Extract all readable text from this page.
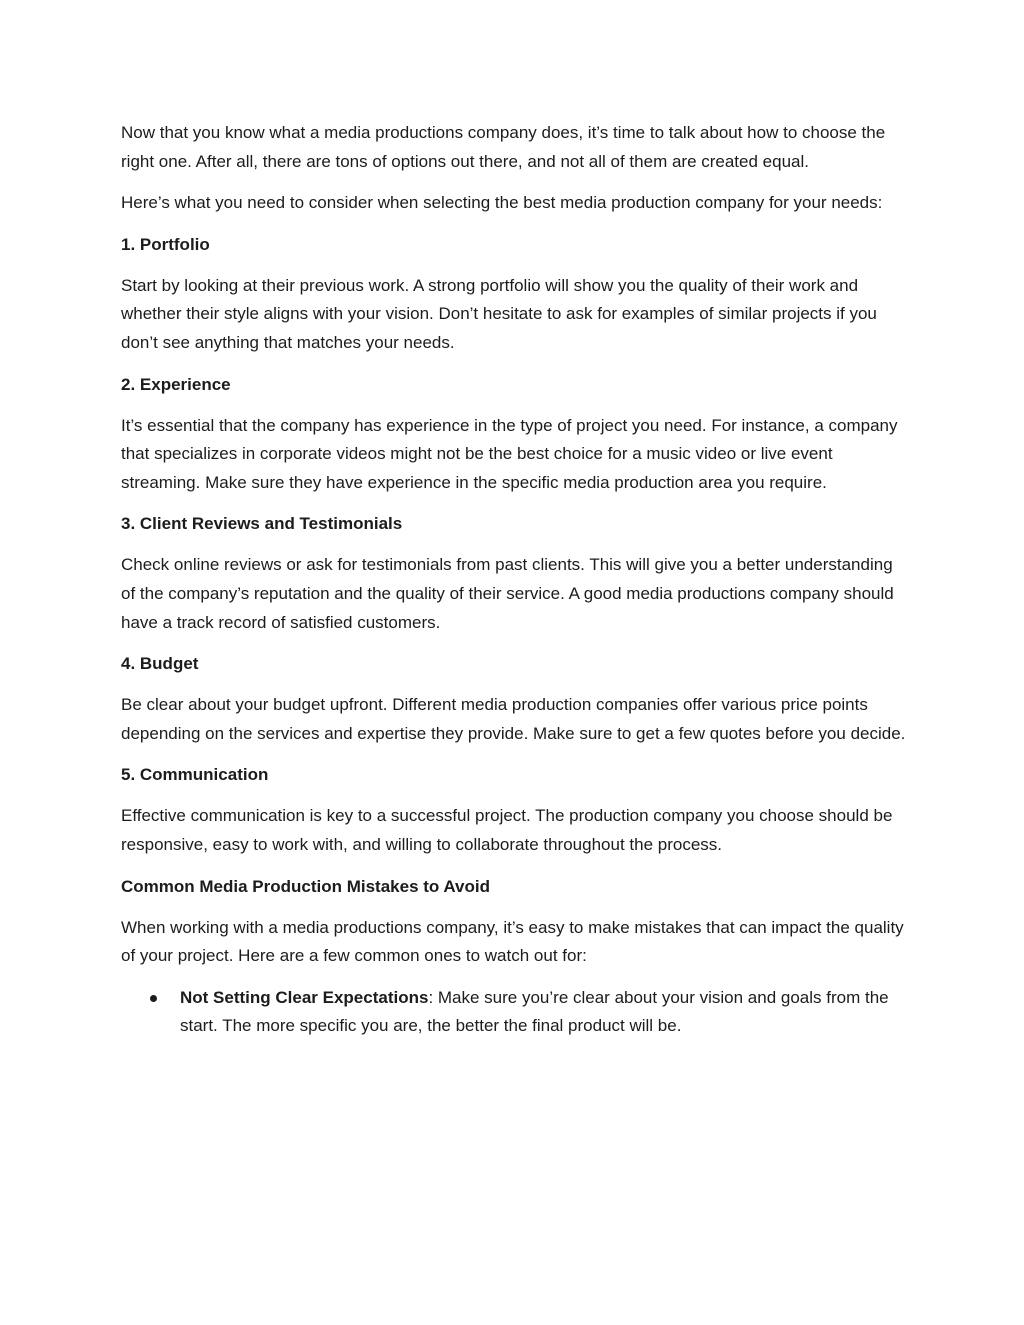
Now that you know what a media productions company does, it’s time to talk about how to choose the right one. After all, there are tons of options out there, and not all of them are created equal.

Here’s what you need to consider when selecting the best media production company for your needs:

1. Portfolio

Start by looking at their previous work. A strong portfolio will show you the quality of their work and whether their style aligns with your vision. Don’t hesitate to ask for examples of similar projects if you don’t see anything that matches your needs.

2. Experience

It’s essential that the company has experience in the type of project you need. For instance, a company that specializes in corporate videos might not be the best choice for a music video or live event streaming. Make sure they have experience in the specific media production area you require.

3. Client Reviews and Testimonials

Check online reviews or ask for testimonials from past clients. This will give you a better understanding of the company’s reputation and the quality of their service. A good media productions company should have a track record of satisfied customers.

4. Budget

Be clear about your budget upfront. Different media production companies offer various price points depending on the services and expertise they provide. Make sure to get a few quotes before you decide.

5. Communication

Effective communication is key to a successful project. The production company you choose should be responsive, easy to work with, and willing to collaborate throughout the process.

Common Media Production Mistakes to Avoid

When working with a media productions company, it’s easy to make mistakes that can impact the quality of your project. Here are a few common ones to watch out for:

Not Setting Clear Expectations: Make sure you’re clear about your vision and goals from the start. The more specific you are, the better the final product will be.
